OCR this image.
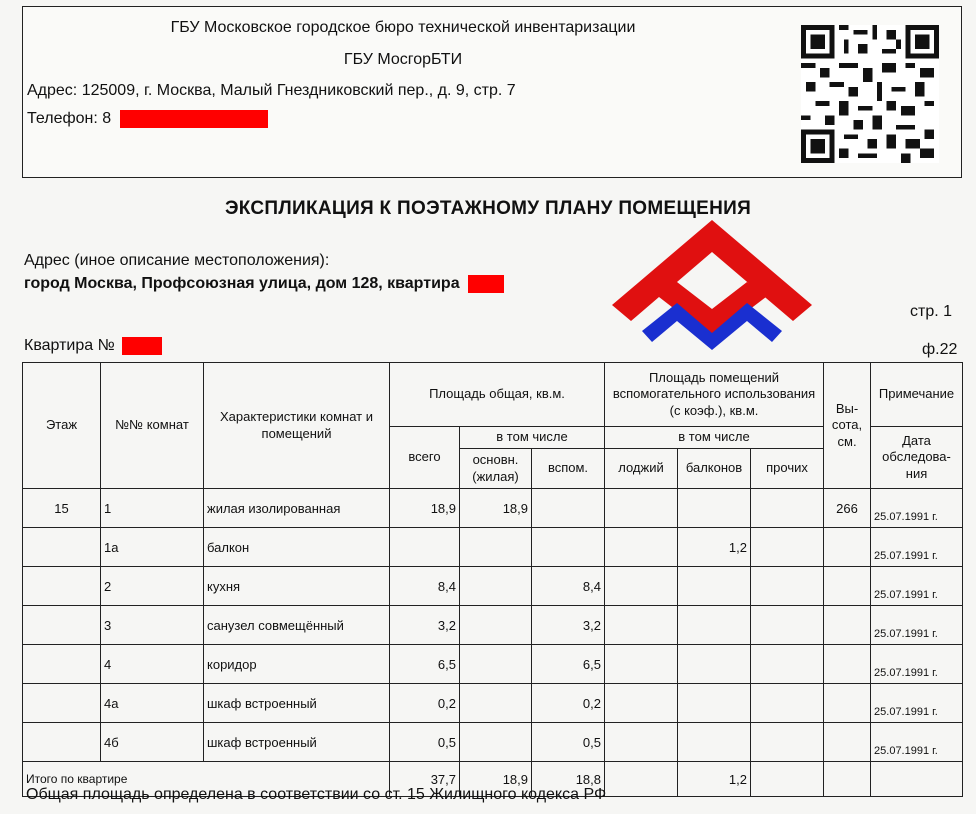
ГБУ Московское городское бюро технической инвентаризации
ГБУ МосгорБТИ
Адрес: 125009, г. Москва, Малый Гнездниковский пер., д. 9, стр. 7
Телефон: 8
ЭКСПЛИКАЦИЯ К ПОЭТАЖНОМУ ПЛАНУ ПОМЕЩЕНИЯ
Адрес (иное описание местоположения):
город Москва, Профсоюзная улица, дом 128, квартира
стр. 1
Квартира №	ф.22
Этаж	№№ комнат	Характеристики комнат и помещений	Площадь общая, кв.м.			Площадь помещений вспомогательного использования (с коэф.), кв.м.			Вы-сота, см.	Примечание
			всего	в том числе		в том числе				Дата обследова-ния
				основн. (жилая)	вспом.	лоджий	балконов	прочих		
15	1	жилая изолированная	18,9	18,9					266	25.07.1991 г.
	1а	балкон					1,2			25.07.1991 г.
	2	кухня	8,4		8,4					25.07.1991 г.
	3	санузел совмещённый	3,2		3,2					25.07.1991 г.
	4	коридор	6,5		6,5					25.07.1991 г.
	4а	шкаф встроенный	0,2		0,2					25.07.1991 г.
	4б	шкаф встроенный	0,5		0,5					25.07.1991 г.
Итого по квартире			37,7	18,9	18,8		1,2			
Общая площадь определена в соответствии со ст. 15 Жилищного кодекса РФ
